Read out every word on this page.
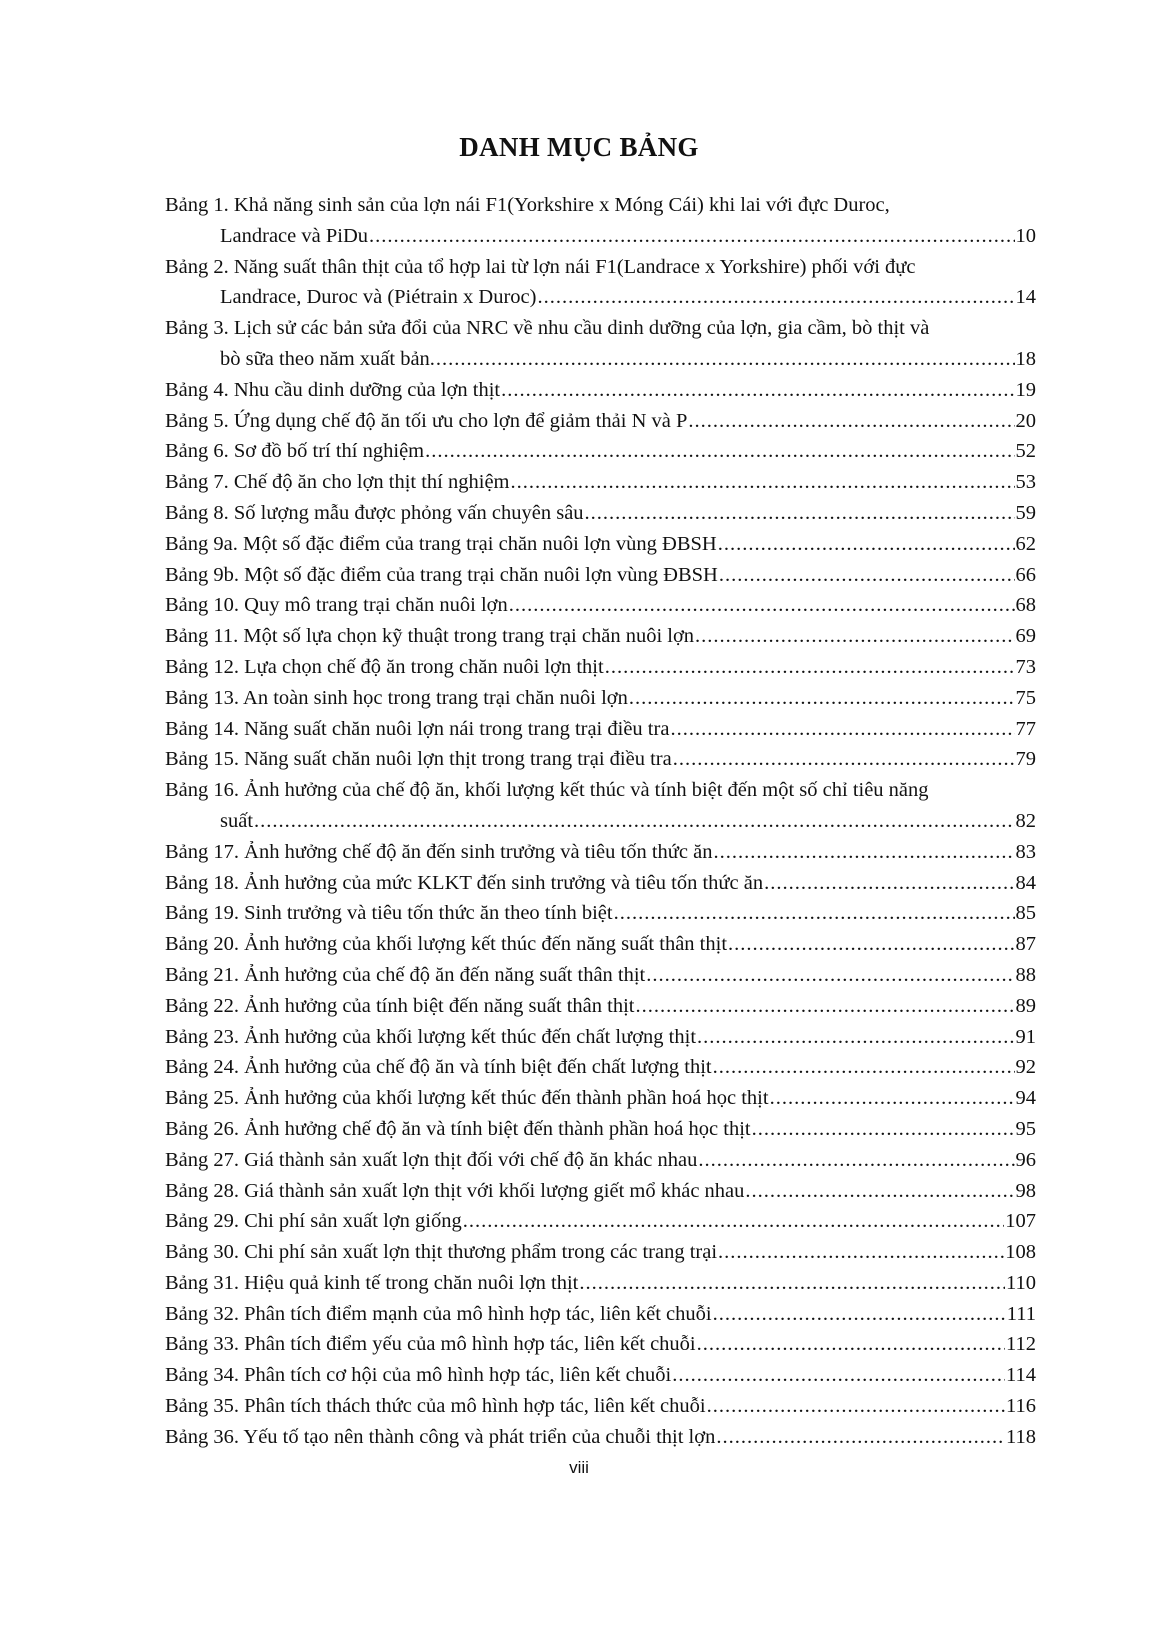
DANH MỤC BẢNG
Bảng 1. Khả năng sinh sản của lợn nái F1(Yorkshire x Móng Cái) khi lai với đực Duroc,
Landrace và PiDu .....	10
Bảng 2. Năng suất thân thịt của tổ hợp lai từ lợn nái F1(Landrace x Yorkshire) phối với đực
Landrace, Duroc và (Piétrain x Duroc) .....	14
Bảng 3. Lịch sử các bản sửa đổi của NRC về nhu cầu dinh dưỡng của lợn, gia cầm, bò thịt và
bò sữa theo năm xuất bản. .....	18
Bảng 4. Nhu cầu dinh dưỡng của lợn thịt .....	19
Bảng 5. Ứng dụng chế độ ăn tối ưu cho lợn để giảm thải N và P .....	20
Bảng 6. Sơ đồ bố trí thí nghiệm .....	52
Bảng 7. Chế độ ăn cho lợn thịt thí nghiệm .....	53
Bảng 8. Số lượng mẫu được phỏng vấn chuyên sâu .....	59
Bảng 9a. Một số đặc điểm của trang trại chăn nuôi lợn vùng ĐBSH .....	62
Bảng 9b. Một số đặc điểm của trang trại chăn nuôi lợn vùng ĐBSH .....	66
Bảng 10. Quy mô trang trại chăn nuôi lợn .....	68
Bảng 11. Một số lựa chọn kỹ thuật trong trang trại chăn nuôi lợn .....	69
Bảng 12. Lựa chọn chế độ ăn trong chăn nuôi lợn thịt .....	73
Bảng 13. An toàn sinh học trong trang trại chăn nuôi lợn .....	75
Bảng 14. Năng suất chăn nuôi lợn nái trong trang trại điều tra .....	77
Bảng 15. Năng suất chăn nuôi lợn thịt trong trang trại điều tra .....	79
Bảng 16. Ảnh hưởng của chế độ ăn, khối lượng kết thúc và tính biệt đến một số chỉ tiêu năng
suất .....	82
Bảng 17. Ảnh hưởng chế độ ăn đến sinh trưởng và tiêu tốn thức ăn .....	83
Bảng 18. Ảnh hưởng của mức KLKT đến sinh trưởng và tiêu tốn thức ăn .....	84
Bảng 19. Sinh trưởng và tiêu tốn thức ăn theo tính biệt .....	85
Bảng 20. Ảnh hưởng của khối lượng kết thúc đến năng suất thân thịt .....	87
Bảng 21. Ảnh hưởng của chế độ ăn đến năng suất thân thịt .....	88
Bảng 22. Ảnh hưởng của tính biệt đến năng suất thân thịt .....	89
Bảng 23. Ảnh hưởng của khối lượng kết thúc đến chất lượng thịt .....	91
Bảng 24. Ảnh hưởng của chế độ ăn và tính biệt đến chất lượng thịt .....	92
Bảng 25. Ảnh hưởng của khối lượng kết thúc đến thành phần hoá học thịt .....	94
Bảng 26. Ảnh hưởng chế độ ăn và tính biệt đến thành phần hoá học thịt .....	95
Bảng 27. Giá thành sản xuất lợn thịt đối với chế độ ăn khác nhau .....	96
Bảng 28. Giá thành sản xuất lợn thịt với khối lượng giết mổ khác nhau .....	98
Bảng 29. Chi phí sản xuất lợn giống .....	107
Bảng 30. Chi phí sản xuất lợn thịt thương phẩm trong các trang trại .....	108
Bảng 31. Hiệu quả kinh tế trong chăn nuôi lợn thịt .....	110
Bảng 32. Phân tích điểm mạnh của mô hình hợp tác, liên kết chuỗi .....	111
Bảng 33. Phân tích điểm yếu của mô hình hợp tác, liên kết chuỗi .....	112
Bảng 34. Phân tích cơ hội của mô hình hợp tác, liên kết chuỗi .....	114
Bảng 35. Phân tích thách thức của mô hình hợp tác, liên kết chuỗi .....	116
Bảng 36. Yếu tố tạo nên thành công và phát triển của chuỗi thịt lợn .....	118
viii
